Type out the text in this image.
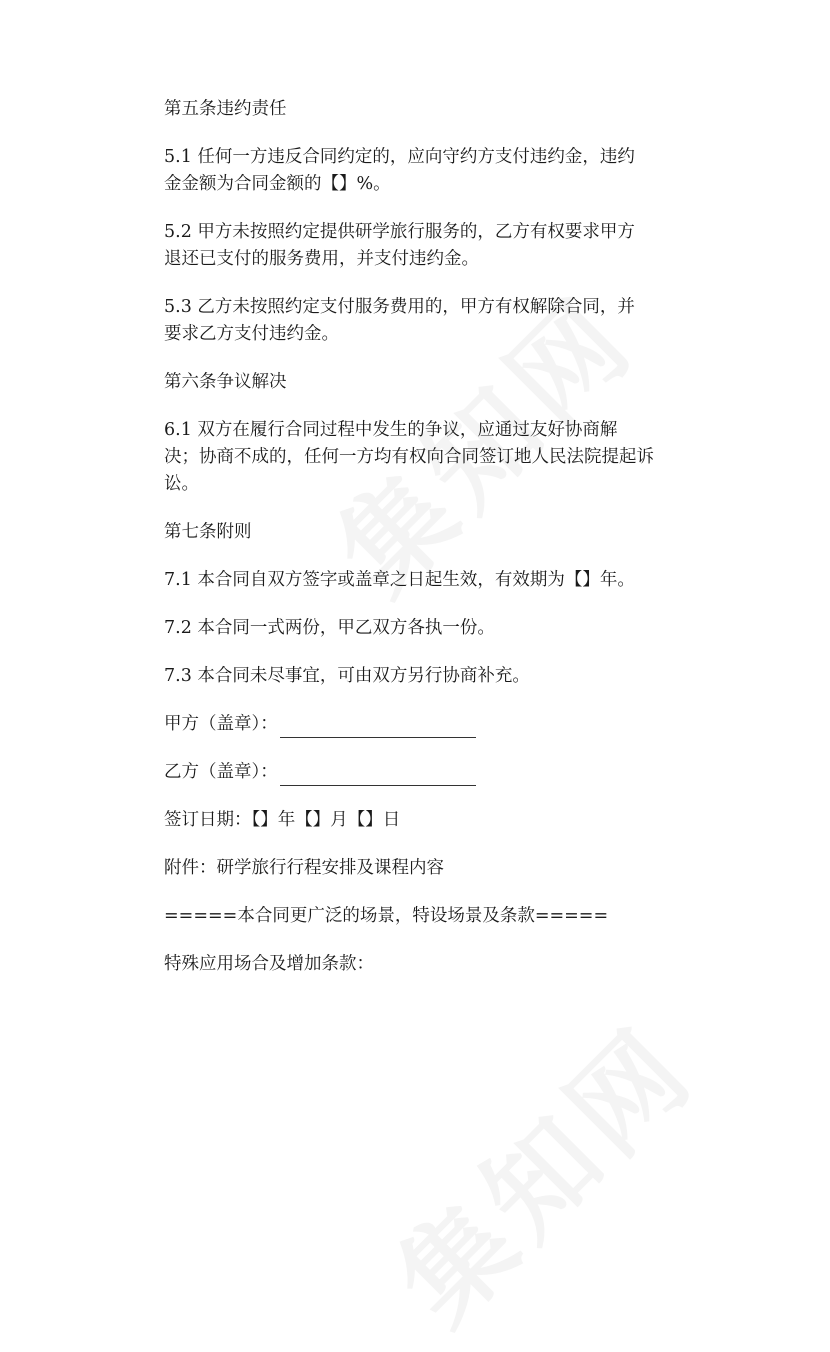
第五条违约责任

5.1 任何一方违反合同约定的，应向守约方支付违约金，违约

金金额为合同金额的【】%。

5.2 甲方未按照约定提供研学旅行服务的，乙方有权要求甲方

退还已支付的服务费用，并支付违约金。

5.3 乙方未按照约定支付服务费用的，甲方有权解除合同，并

要求乙方支付违约金。

第六条争议解决

6.1 双方在履行合同过程中发生的争议，应通过友好协商解

决；协商不成的，任何一方均有权向合同签订地人民法院提起诉

讼。

第七条附则

7.1 本合同自双方签字或盖章之日起生效，有效期为【】年。

7.2 本合同一式两份，甲乙双方各执一份。

7.3 本合同未尽事宜，可由双方另行协商补充。

甲方（盖章）：
乙方（盖章）：

签订日期：【】年【】月【】日

附件：研学旅行行程安排及课程内容

=====本合同更广泛的场景，特设场景及条款=====

特殊应用场合及增加条款：
